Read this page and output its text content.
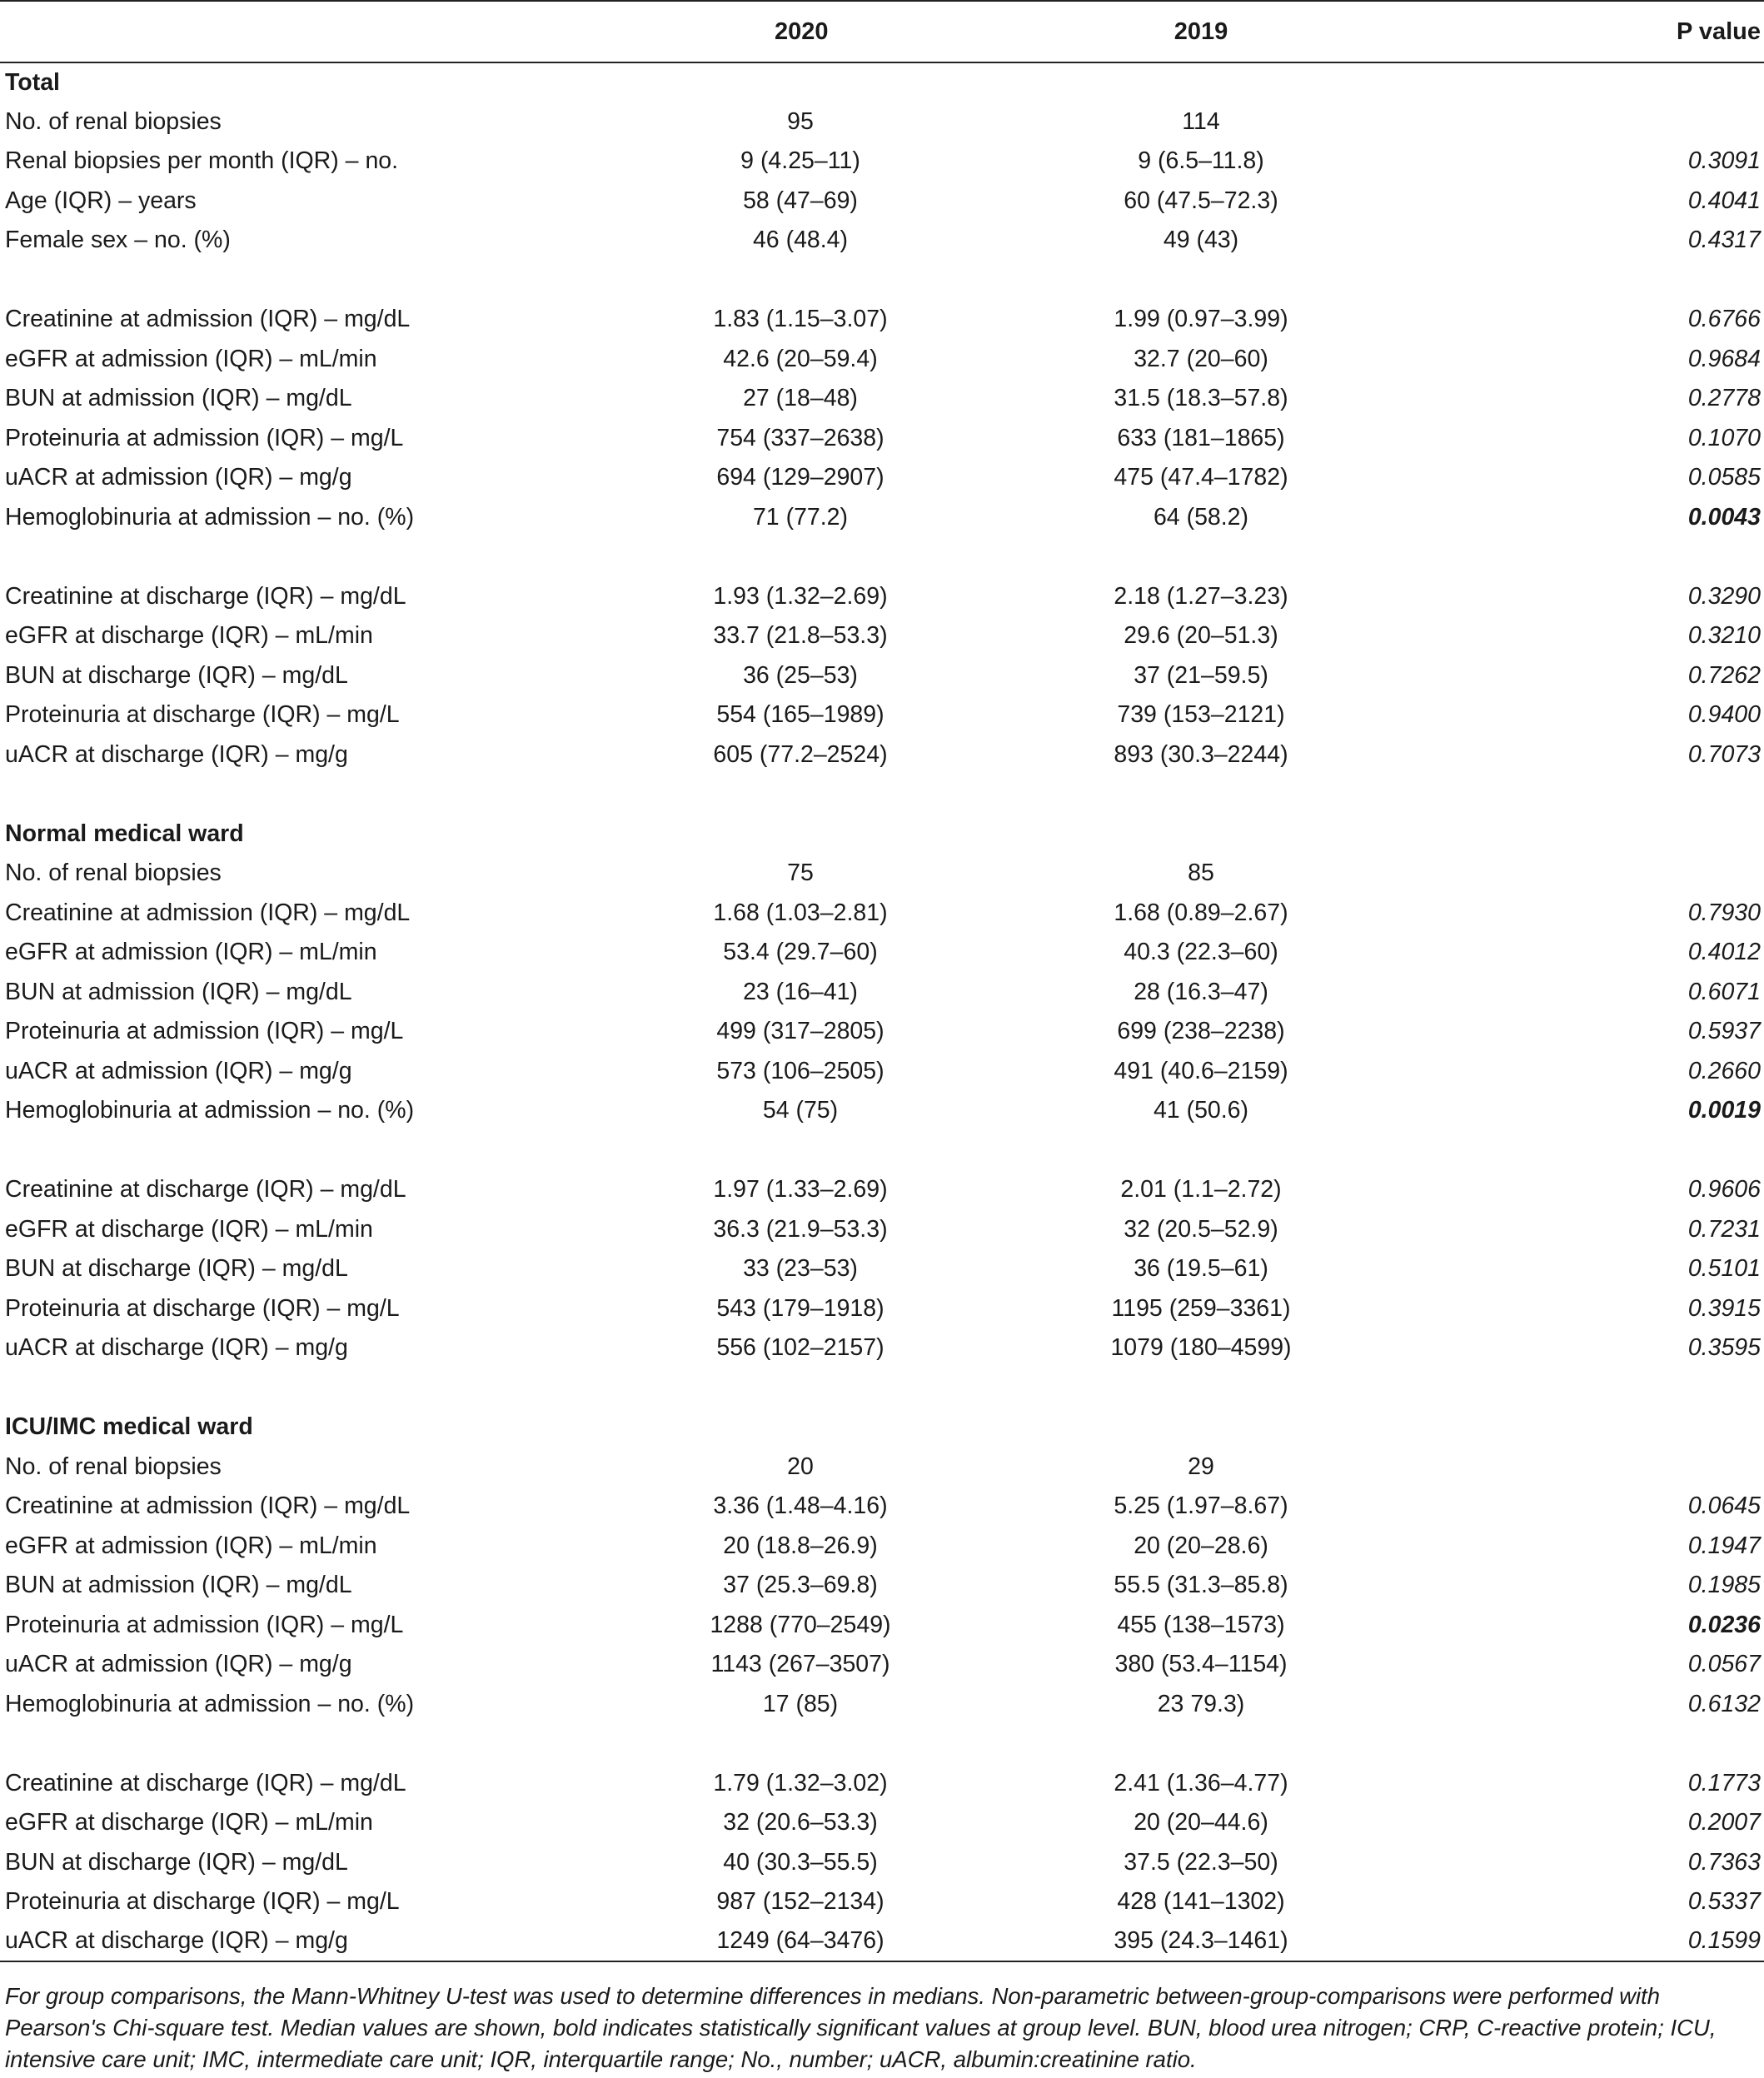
	2020	2019	P value
Total			
No. of renal biopsies	95	114	
Renal biopsies per month (IQR) – no.	9 (4.25–11)	9 (6.5–11.8)	0.3091
Age (IQR) – years	58 (47–69)	60 (47.5–72.3)	0.4041
Female sex – no. (%)	46 (48.4)	49 (43)	0.4317

Creatinine at admission (IQR) – mg/dL	1.83 (1.15–3.07)	1.99 (0.97–3.99)	0.6766
eGFR at admission (IQR) – mL/min	42.6 (20–59.4)	32.7 (20–60)	0.9684
BUN at admission (IQR) – mg/dL	27 (18–48)	31.5 (18.3–57.8)	0.2778
Proteinuria at admission (IQR) – mg/L	754 (337–2638)	633 (181–1865)	0.1070
uACR at admission (IQR) – mg/g	694 (129–2907)	475 (47.4–1782)	0.0585
Hemoglobinuria at admission – no. (%)	71 (77.2)	64 (58.2)	0.0043

Creatinine at discharge (IQR) – mg/dL	1.93 (1.32–2.69)	2.18 (1.27–3.23)	0.3290
eGFR at discharge (IQR) – mL/min	33.7 (21.8–53.3)	29.6 (20–51.3)	0.3210
BUN at discharge (IQR) – mg/dL	36 (25–53)	37 (21–59.5)	0.7262
Proteinuria at discharge (IQR) – mg/L	554 (165–1989)	739 (153–2121)	0.9400
uACR at discharge (IQR) – mg/g	605 (77.2–2524)	893 (30.3–2244)	0.7073

Normal medical ward			
No. of renal biopsies	75	85	
Creatinine at admission (IQR) – mg/dL	1.68 (1.03–2.81)	1.68 (0.89–2.67)	0.7930
eGFR at admission (IQR) – mL/min	53.4 (29.7–60)	40.3 (22.3–60)	0.4012
BUN at admission (IQR) – mg/dL	23 (16–41)	28 (16.3–47)	0.6071
Proteinuria at admission (IQR) – mg/L	499 (317–2805)	699 (238–2238)	0.5937
uACR at admission (IQR) – mg/g	573 (106–2505)	491 (40.6–2159)	0.2660
Hemoglobinuria at admission – no. (%)	54 (75)	41 (50.6)	0.0019

Creatinine at discharge (IQR) – mg/dL	1.97 (1.33–2.69)	2.01 (1.1–2.72)	0.9606
eGFR at discharge (IQR) – mL/min	36.3 (21.9–53.3)	32 (20.5–52.9)	0.7231
BUN at discharge (IQR) – mg/dL	33 (23–53)	36 (19.5–61)	0.5101
Proteinuria at discharge (IQR) – mg/L	543 (179–1918)	1195 (259–3361)	0.3915
uACR at discharge (IQR) – mg/g	556 (102–2157)	1079 (180–4599)	0.3595

ICU/IMC medical ward			
No. of renal biopsies	20	29	
Creatinine at admission (IQR) – mg/dL	3.36 (1.48–4.16)	5.25 (1.97–8.67)	0.0645
eGFR at admission (IQR) – mL/min	20 (18.8–26.9)	20 (20–28.6)	0.1947
BUN at admission (IQR) – mg/dL	37 (25.3–69.8)	55.5 (31.3–85.8)	0.1985
Proteinuria at admission (IQR) – mg/L	1288 (770–2549)	455 (138–1573)	0.0236
uACR at admission (IQR) – mg/g	1143 (267–3507)	380 (53.4–1154)	0.0567
Hemoglobinuria at admission – no. (%)	17 (85)	23 79.3)	0.6132

Creatinine at discharge (IQR) – mg/dL	1.79 (1.32–3.02)	2.41 (1.36–4.77)	0.1773
eGFR at discharge (IQR) – mL/min	32 (20.6–53.3)	20 (20–44.6)	0.2007
BUN at discharge (IQR) – mg/dL	40 (30.3–55.5)	37.5 (22.3–50)	0.7363
Proteinuria at discharge (IQR) – mg/L	987 (152–2134)	428 (141–1302)	0.5337
uACR at discharge (IQR) – mg/g	1249 (64–3476)	395 (24.3–1461)	0.1599
For group comparisons, the Mann-Whitney U-test was used to determine differences in medians. Non-parametric between-group-comparisons were performed with Pearson's Chi-square test. Median values are shown, bold indicates statistically significant values at group level. BUN, blood urea nitrogen; CRP, C-reactive protein; ICU, intensive care unit; IMC, intermediate care unit; IQR, interquartile range; No., number; uACR, albumin:creatinine ratio.
